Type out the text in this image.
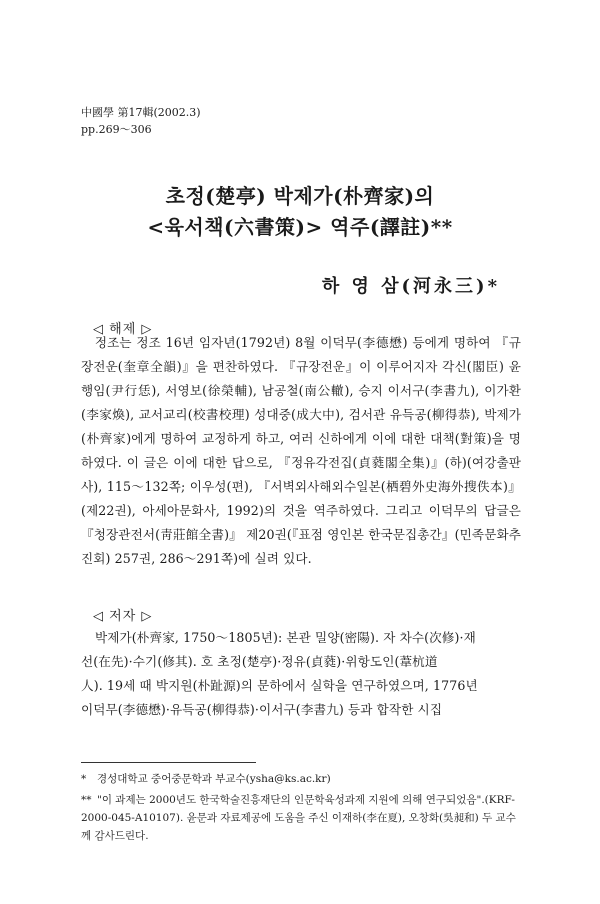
中國學 第17輯(2002.3)
pp.269～306
초정(楚亭) 박제가(朴齊家)의
<육서책(六書策)> 역주(譯註)**
하 영 삼(河永三)*
◁ 해제 ▷
정조는 정조 16년 임자년(1792년) 8월 이덕무(李德懋) 등에게 명하여 『규장전운(奎章全韻)』을 편찬하였다. 『규장전운』이 이루어지자 각신(閣臣) 윤행임(尹行恁), 서영보(徐榮輔), 남공철(南公轍), 승지 이서구(李書九), 이가환(李家煥), 교서교리(校書校理) 성대중(成大中), 검서관 유득공(柳得恭), 박제가(朴齊家)에게 명하여 교정하게 하고, 여러 신하에게 이에 대한 대책(對策)을 명하였다. 이 글은 이에 대한 답으로, 『정유각전집(貞蕤閣全集)』(하)(여강출판사), 115～132쪽; 이우성(편), 『서벽외사해외수일본(栖碧外史海外搜佚本)』(제22권), 아세아문화사, 1992)의 것을 역주하였다. 그리고 이덕무의 답글은 『청장관전서(靑莊館全書)』 제20권(『표점 영인본 한국문집총간』(민족문화추진회) 257권, 286～291쪽)에 실려 있다.
◁ 저자 ▷
박제가(朴齊家, 1750～1805년): 본관 밀양(密陽). 자 차수(次修)·재
선(在先)·수기(修其). 호 초정(楚亭)·정유(貞蕤)·위항도인(葦杭道
人). 19세 때 박지원(朴趾源)의 문하에서 실학을 연구하였으며, 1776년
이덕무(李德懋)·유득공(柳得恭)·이서구(李書九) 등과 합작한 시집
* 경성대학교 중어중문학과 부교수(ysha@ks.ac.kr)
** "이 과제는 2000년도 한국학술진흥재단의 인문학육성과제 지원에 의해 연구되었음".(KRF-2000-045-A10107). 윤문과 자료제공에 도움을 주신 이재하(李在夏), 오창화(吳昶和) 두 교수께 감사드린다.
